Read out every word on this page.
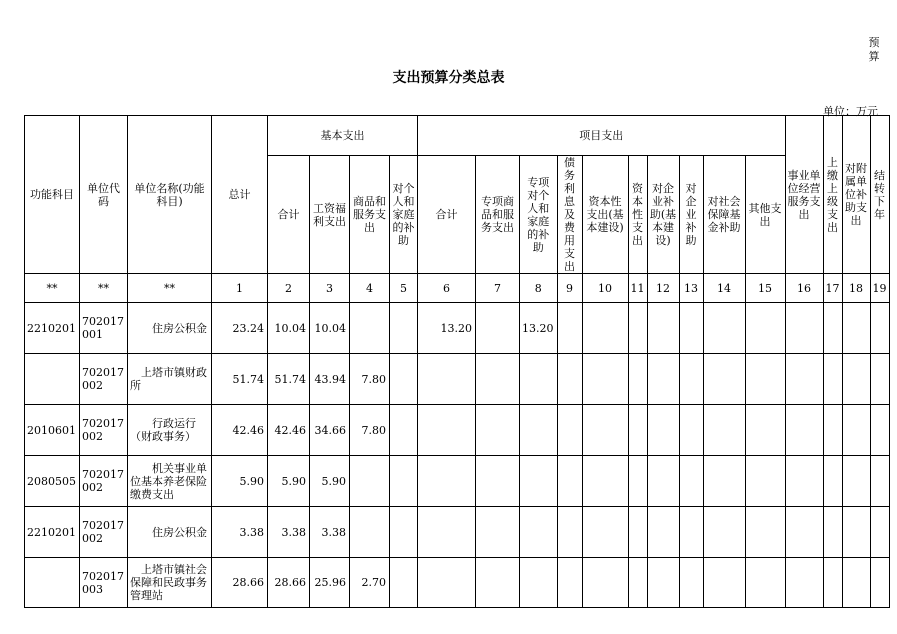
预算
支出预算分类总表
单位：万元
功能科目	单位代码	单位名称(功能科目)	总计	基本支出				项目支出										事业单位经营服务支出	上缴上级支出	对附属单位补助支出	结转下年
				合计	工资福利支出	商品和服务支出	对个人和家庭的补助	合计	专项商品和服务支出	专项对个人和家庭的补助	债务利息及费用支出	资本性支出(基本建设)	资本性支出	对企业补助(基本建设)	对企业补助	对社会保障基金补助	其他支出				
**	**	**	1	2	3	4	5	6	7	8	9	10	11	12	13	14	15	16	17	18	19
2210201	702017001	　　住房公积金	23.24	10.04	10.04			13.20		13.20											
	702017002	　上塔市镇财政所	51.74	51.74	43.94	7.80															
2010601	702017002	　　行政运行（财政事务）	42.46	42.46	34.66	7.80															
2080505	702017002	　　机关事业单位基本养老保险缴费支出	5.90	5.90	5.90																
2210201	702017002	　　住房公积金	3.38	3.38	3.38																
	702017003	　上塔市镇社会保障和民政事务管理站	28.66	28.66	25.96	2.70															
